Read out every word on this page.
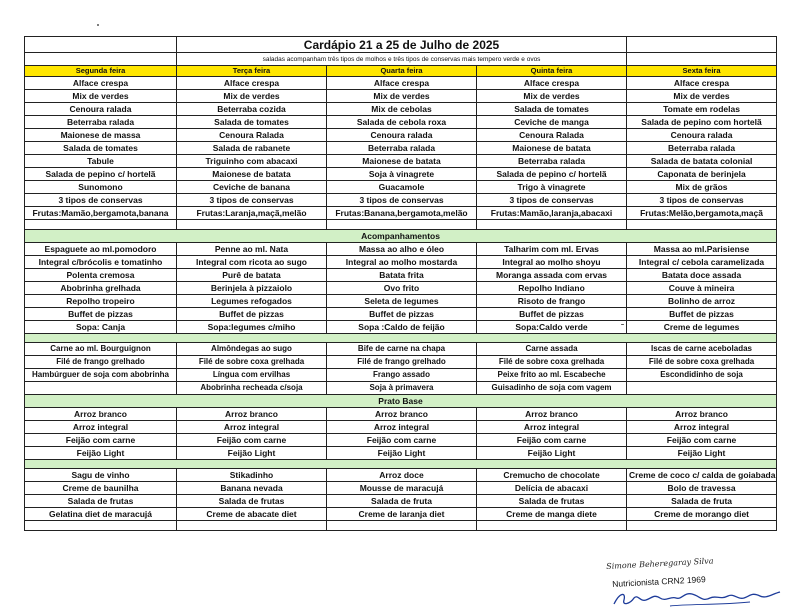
	Cardápio 21 a 25 de Julho de 2025			
	saladas acompanham três tipos de molhos e três tipos de conservas mais tempero verde e ovos			
Segunda feira	Terça feira	Quarta feira	Quinta feira	Sexta feira
Alface crespa	Alface crespa	Alface crespa	Alface crespa	Alface crespa
Mix de verdes	Mix de verdes	Mix de verdes	Mix de verdes	Mix de verdes
Cenoura ralada	Beterraba cozida	Mix de cebolas	Salada de tomates	Tomate em rodelas
Beterraba ralada	Salada de tomates	Salada de cebola roxa	Ceviche de manga	Salada de pepino com hortelã
Maionese de massa	Cenoura Ralada	Cenoura ralada	Cenoura Ralada	Cenoura ralada
Salada de tomates	Salada de rabanete	Beterraba ralada	Maionese de batata	Beterraba ralada
Tabule	Triguinho com abacaxi	Maionese de batata	Beterraba ralada	Salada de batata colonial
Salada de pepino c/ hortelã	Maionese de batata	Soja à vinagrete	Salada de pepino c/ hortelã	Caponata de berinjela
Sunomono	Ceviche de banana	Guacamole	Trigo à vinagrete	Mix de grãos
3 tipos de conservas	3 tipos de conservas	3 tipos de conservas	3 tipos de conservas	3 tipos de conservas
Frutas:Mamão,bergamota,banana	Frutas:Laranja,maçã,melão	Frutas:Banana,bergamota,melão	Frutas:Mamão,laranja,abacaxi	Frutas:Melão,bergamota,maçã

Acompanhamentos				
Espaguete ao ml.pomodoro	Penne ao ml. Nata	Massa ao alho e óleo	Talharim com ml. Ervas	Massa ao ml.Parisiense
Integral c/brócolis e tomatinho	Integral com ricota ao sugo	Integral ao molho mostarda	Integral ao molho shoyu	Integral c/ cebola caramelizada
Polenta cremosa	Purê de batata	Batata frita	Moranga assada com ervas	Batata doce assada
Abobrinha grelhada	Berinjela à pizzaiolo	Ovo frito	Repolho Indiano	Couve à mineira
Repolho tropeiro	Legumes refogados	Seleta de legumes	Risoto de frango	Bolinho de arroz
Buffet de pizzas	Buffet de pizzas	Buffet de pizzas	Buffet de pizzas	Buffet de pizzas
Sopa: Canja	Sopa:legumes c/miho	Sopa :Caldo de feijão	Sopa:Caldo verde	Creme de legumes

Carne ao ml. Bourguignon	Almôndegas ao sugo	Bife de carne na chapa	Carne assada	Iscas de carne aceboladas
Filé de frango grelhado	Filé de sobre coxa grelhada	Filé de frango grelhado	Filé de sobre coxa grelhada	Filé de sobre coxa grelhada
Hambúrguer de soja com abobrinha	Língua com ervilhas	Frango assado	Peixe frito ao ml. Escabeche	Escondidinho de soja
	Abobrinha recheada c/soja	Soja à primavera	Guisadinho de soja com vagem	
Prato Base				
Arroz branco	Arroz branco	Arroz branco	Arroz branco	Arroz branco
Arroz integral	Arroz integral	Arroz integral	Arroz integral	Arroz integral
Feijão com carne	Feijão com carne	Feijão com carne	Feijão com carne	Feijão com carne
Feijão Light	Feijão Light	Feijão Light	Feijão Light	Feijão Light

Sagu de vinho	Stikadinho	Arroz doce	Cremucho de chocolate	Creme de coco c/ calda de goiabada
Creme de baunilha	Banana nevada	Mousse de maracujá	Delícia de abacaxi	Bolo de travessa
Salada de frutas	Salada de frutas	Salada de fruta	Salada de frutas	Salada de fruta
Gelatina diet de maracujá	Creme de abacate diet	Creme de laranja diet	Creme de manga diete	Creme de morango diet

Simone Beheregaray Silva
Nutricionista CRN2 1969
